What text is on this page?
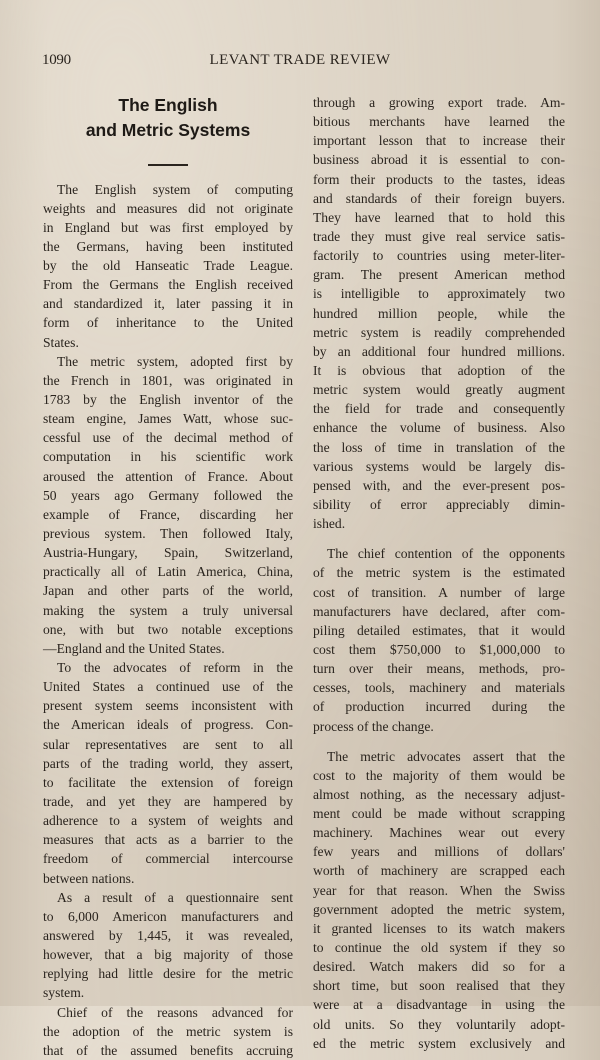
1090	LEVANT TRADE REVIEW
The English
and Metric Systems
The English system of computing
weights and measures did not originate
in England but was first employed by
the Germans, having been instituted
by the old Hanseatic Trade League.
From the Germans the English received
and standardized it, later passing it in
form of inheritance to the United
States.
The metric system, adopted first by
the French in 1801, was originated in
1783 by the English inventor of the
steam engine, James Watt, whose suc-
cessful use of the decimal method of
computation in his scientific work
aroused the attention of France. About
50 years ago Germany followed the
example of France, discarding her
previous system. Then followed Italy,
Austria-Hungary, Spain, Switzerland,
practically all of Latin America, China,
Japan and other parts of the world,
making the system a truly universal
one, with but two notable exceptions
—England and the United States.
To the advocates of reform in the
United States a continued use of the
present system seems inconsistent with
the American ideals of progress. Con-
sular representatives are sent to all
parts of the trading world, they assert,
to facilitate the extension of foreign
trade, and yet they are hampered by
adherence to a system of weights and
measures that acts as a barrier to the
freedom of commercial intercourse
between nations.
As a result of a questionnaire sent
to 6,000 Americon manufacturers and
answered by 1,445, it was revealed,
however, that a big majority of those
replying had little desire for the metric
system.
Chief of the reasons advanced for
the adoption of the metric system is
that of the assumed benefits accruing
through a growing export trade. Am-
bitious merchants have learned the
important lesson that to increase their
business abroad it is essential to con-
form their products to the tastes, ideas
and standards of their foreign buyers.
They have learned that to hold this
trade they must give real service satis-
factorily to countries using meter-liter-
gram. The present American method
is intelligible to approximately two
hundred million people, while the
metric system is readily comprehended
by an additional four hundred millions.
It is obvious that adoption of the
metric system would greatly augment
the field for trade and consequently
enhance the volume of business. Also
the loss of time in translation of the
various systems would be largely dis-
pensed with, and the ever-present pos-
sibility of error appreciably dimin-
ished.
The chief contention of the opponents
of the metric system is the estimated
cost of transition. A number of large
manufacturers have declared, after com-
piling detailed estimates, that it would
cost them $750,000 to $1,000,000 to
turn over their means, methods, pro-
cesses, tools, machinery and materials
of production incurred during the
process of the change.
The metric advocates assert that the
cost to the majority of them would be
almost nothing, as the necessary adjust-
ment could be made without scrapping
machinery. Machines wear out every
few years and millions of dollars'
worth of machinery are scrapped each
year for that reason. When the Swiss
government adopted the metric system,
it granted licenses to its watch makers
to continue the old system if they so
desired. Watch makers did so for a
short time, but soon realised that they
were at a disadvantage in using the
old units. So they voluntarily adopt-
ed the metric system exclusively and
